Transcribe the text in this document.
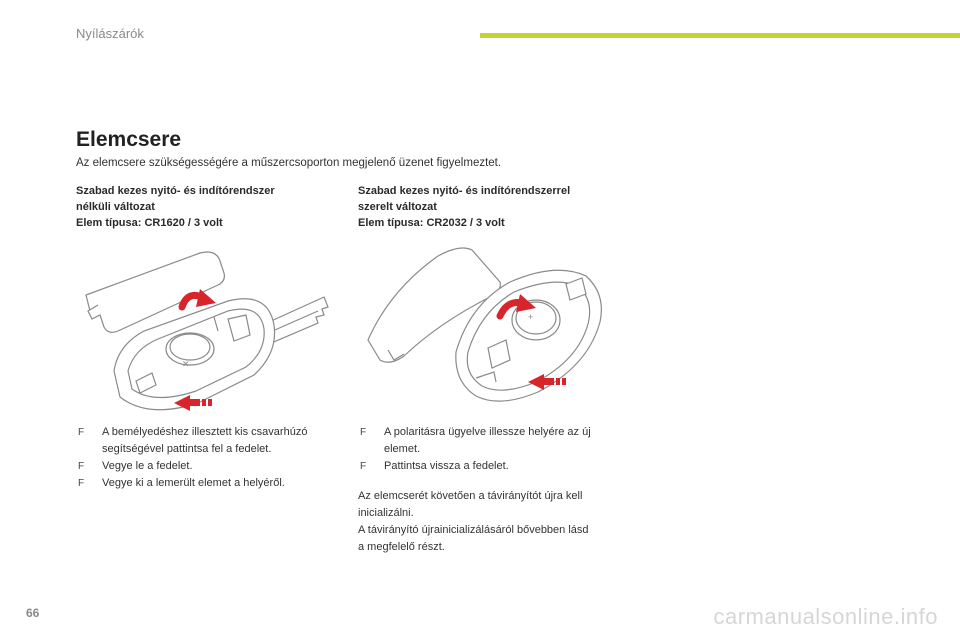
Nyílászárók
Elemcsere
Az elemcsere szükségességére a műszercsoporton megjelenő üzenet figyelmeztet.
Szabad kezes nyitó- és indítórendszer
nélküli változat
Elem típusa: CR1620 / 3 volt
Szabad kezes nyitó- és indítórendszerrel
szerelt változat
Elem típusa: CR2032 / 3 volt
✕
+
F A bemélyedéshez illesztett kis csavarhúzó
segítségével pattintsa fel a fedelet.
F Vegye le a fedelet.
F Vegye ki a lemerült elemet a helyéről.
F A polaritásra ügyelve illessze helyére az új
elemet.
F Pattintsa vissza a fedelet.

Az elemcserét követően a távirányítót újra kell

inicializálni.

A távirányító újrainicializálásáról bővebben lásd

a megfelelő részt.

66	carmanualsonline.info
